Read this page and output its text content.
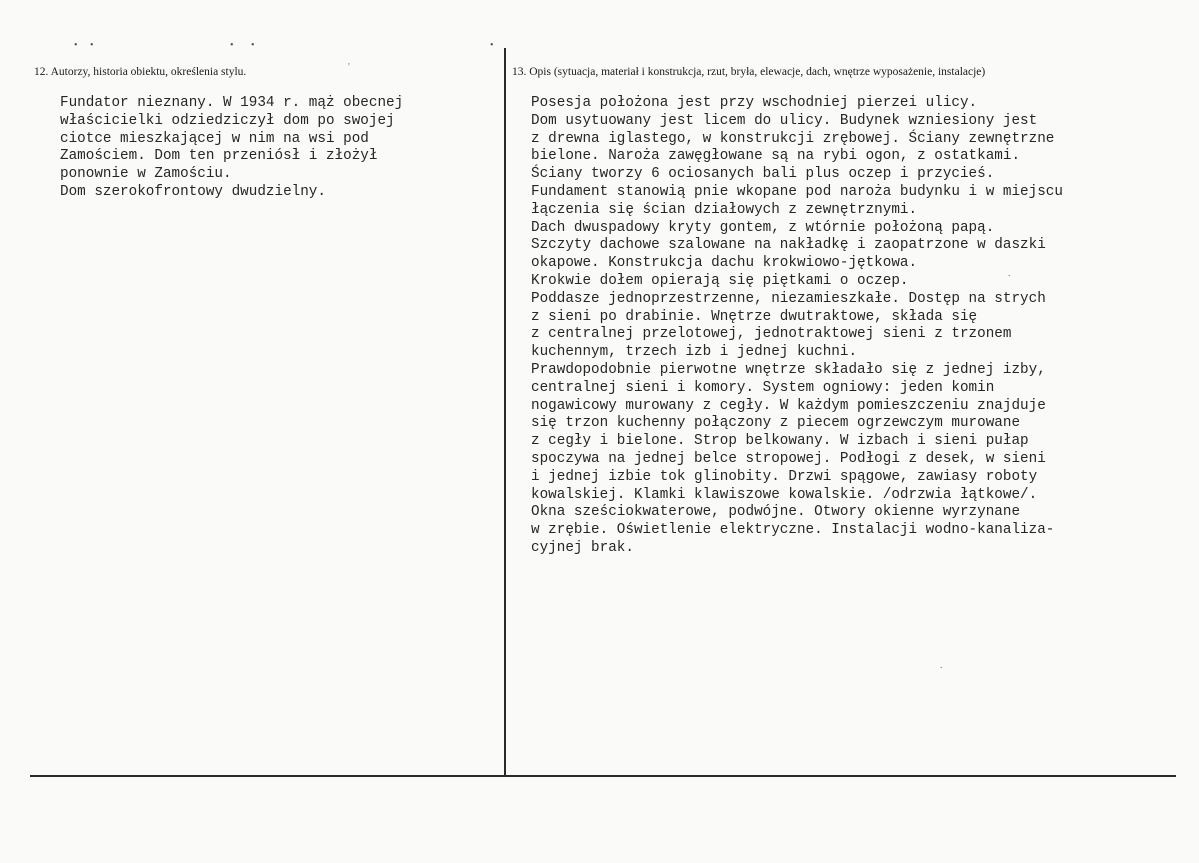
•     •	•       •	•
12. Autorzy, historia obiektu, określenia stylu.	13. Opis (sytuacja, materiał i konstrukcja, rzut, bryła, elewacje, dach, wnętrze wyposażenie, instalacje)
Fundator nieznany. W 1934 r. mąż obecnej
właścicielki odziedziczył dom po swojej
ciotce mieszkającej w nim na wsi pod
Zamościem. Dom ten przeniósł i złożył
ponownie w Zamościu.
Dom szerokofrontowy dwudzielny.
Posesja położona jest przy wschodniej pierzei ulicy.
Dom usytuowany jest licem do ulicy. Budynek wzniesiony jest
z drewna iglastego, w konstrukcji zrębowej. Ściany zewnętrzne
bielone. Naroża zawęgłowane są na rybi ogon, z ostatkami.
Ściany tworzy 6 ociosanych bali plus oczep i przycieś.
Fundament stanowią pnie wkopane pod naroża budynku i w miejscu
łączenia się ścian działowych z zewnętrznymi.
Dach dwuspadowy kryty gontem, z wtórnie położoną papą.
Szczyty dachowe szalowane na nakładkę i zaopatrzone w daszki
okapowe. Konstrukcja dachu krokwiowo-jętkowa.
Krokwie dołem opierają się piętkami o oczep.
Poddasze jednoprzestrzenne, niezamieszkałe. Dostęp na strych
z sieni po drabinie. Wnętrze dwutraktowe, składa się
z centralnej przelotowej, jednotraktowej sieni z trzonem
kuchennym, trzech izb i jednej kuchni.
Prawdopodobnie pierwotne wnętrze składało się z jednej izby,
centralnej sieni i komory. System ogniowy: jeden komin
nogawicowy murowany z cegły. W każdym pomieszczeniu znajduje
się trzon kuchenny połączony z piecem ogrzewczym murowane
z cegły i bielone. Strop belkowany. W izbach i sieni pułap
spoczywa na jednej belce stropowej. Podłogi z desek, w sieni
i jednej izbie tok glinobity. Drzwi spągowe, zawiasy roboty
kowalskiej. Klamki klawiszowe kowalskie. /odrzwia łątkowe/.
Okna sześciokwaterowe, podwójne. Otwory okienne wyrzynane
w zrębie. Oświetlenie elektryczne. Instalacji wodno-kanaliza-
cyjnej brak.
'
.
.
